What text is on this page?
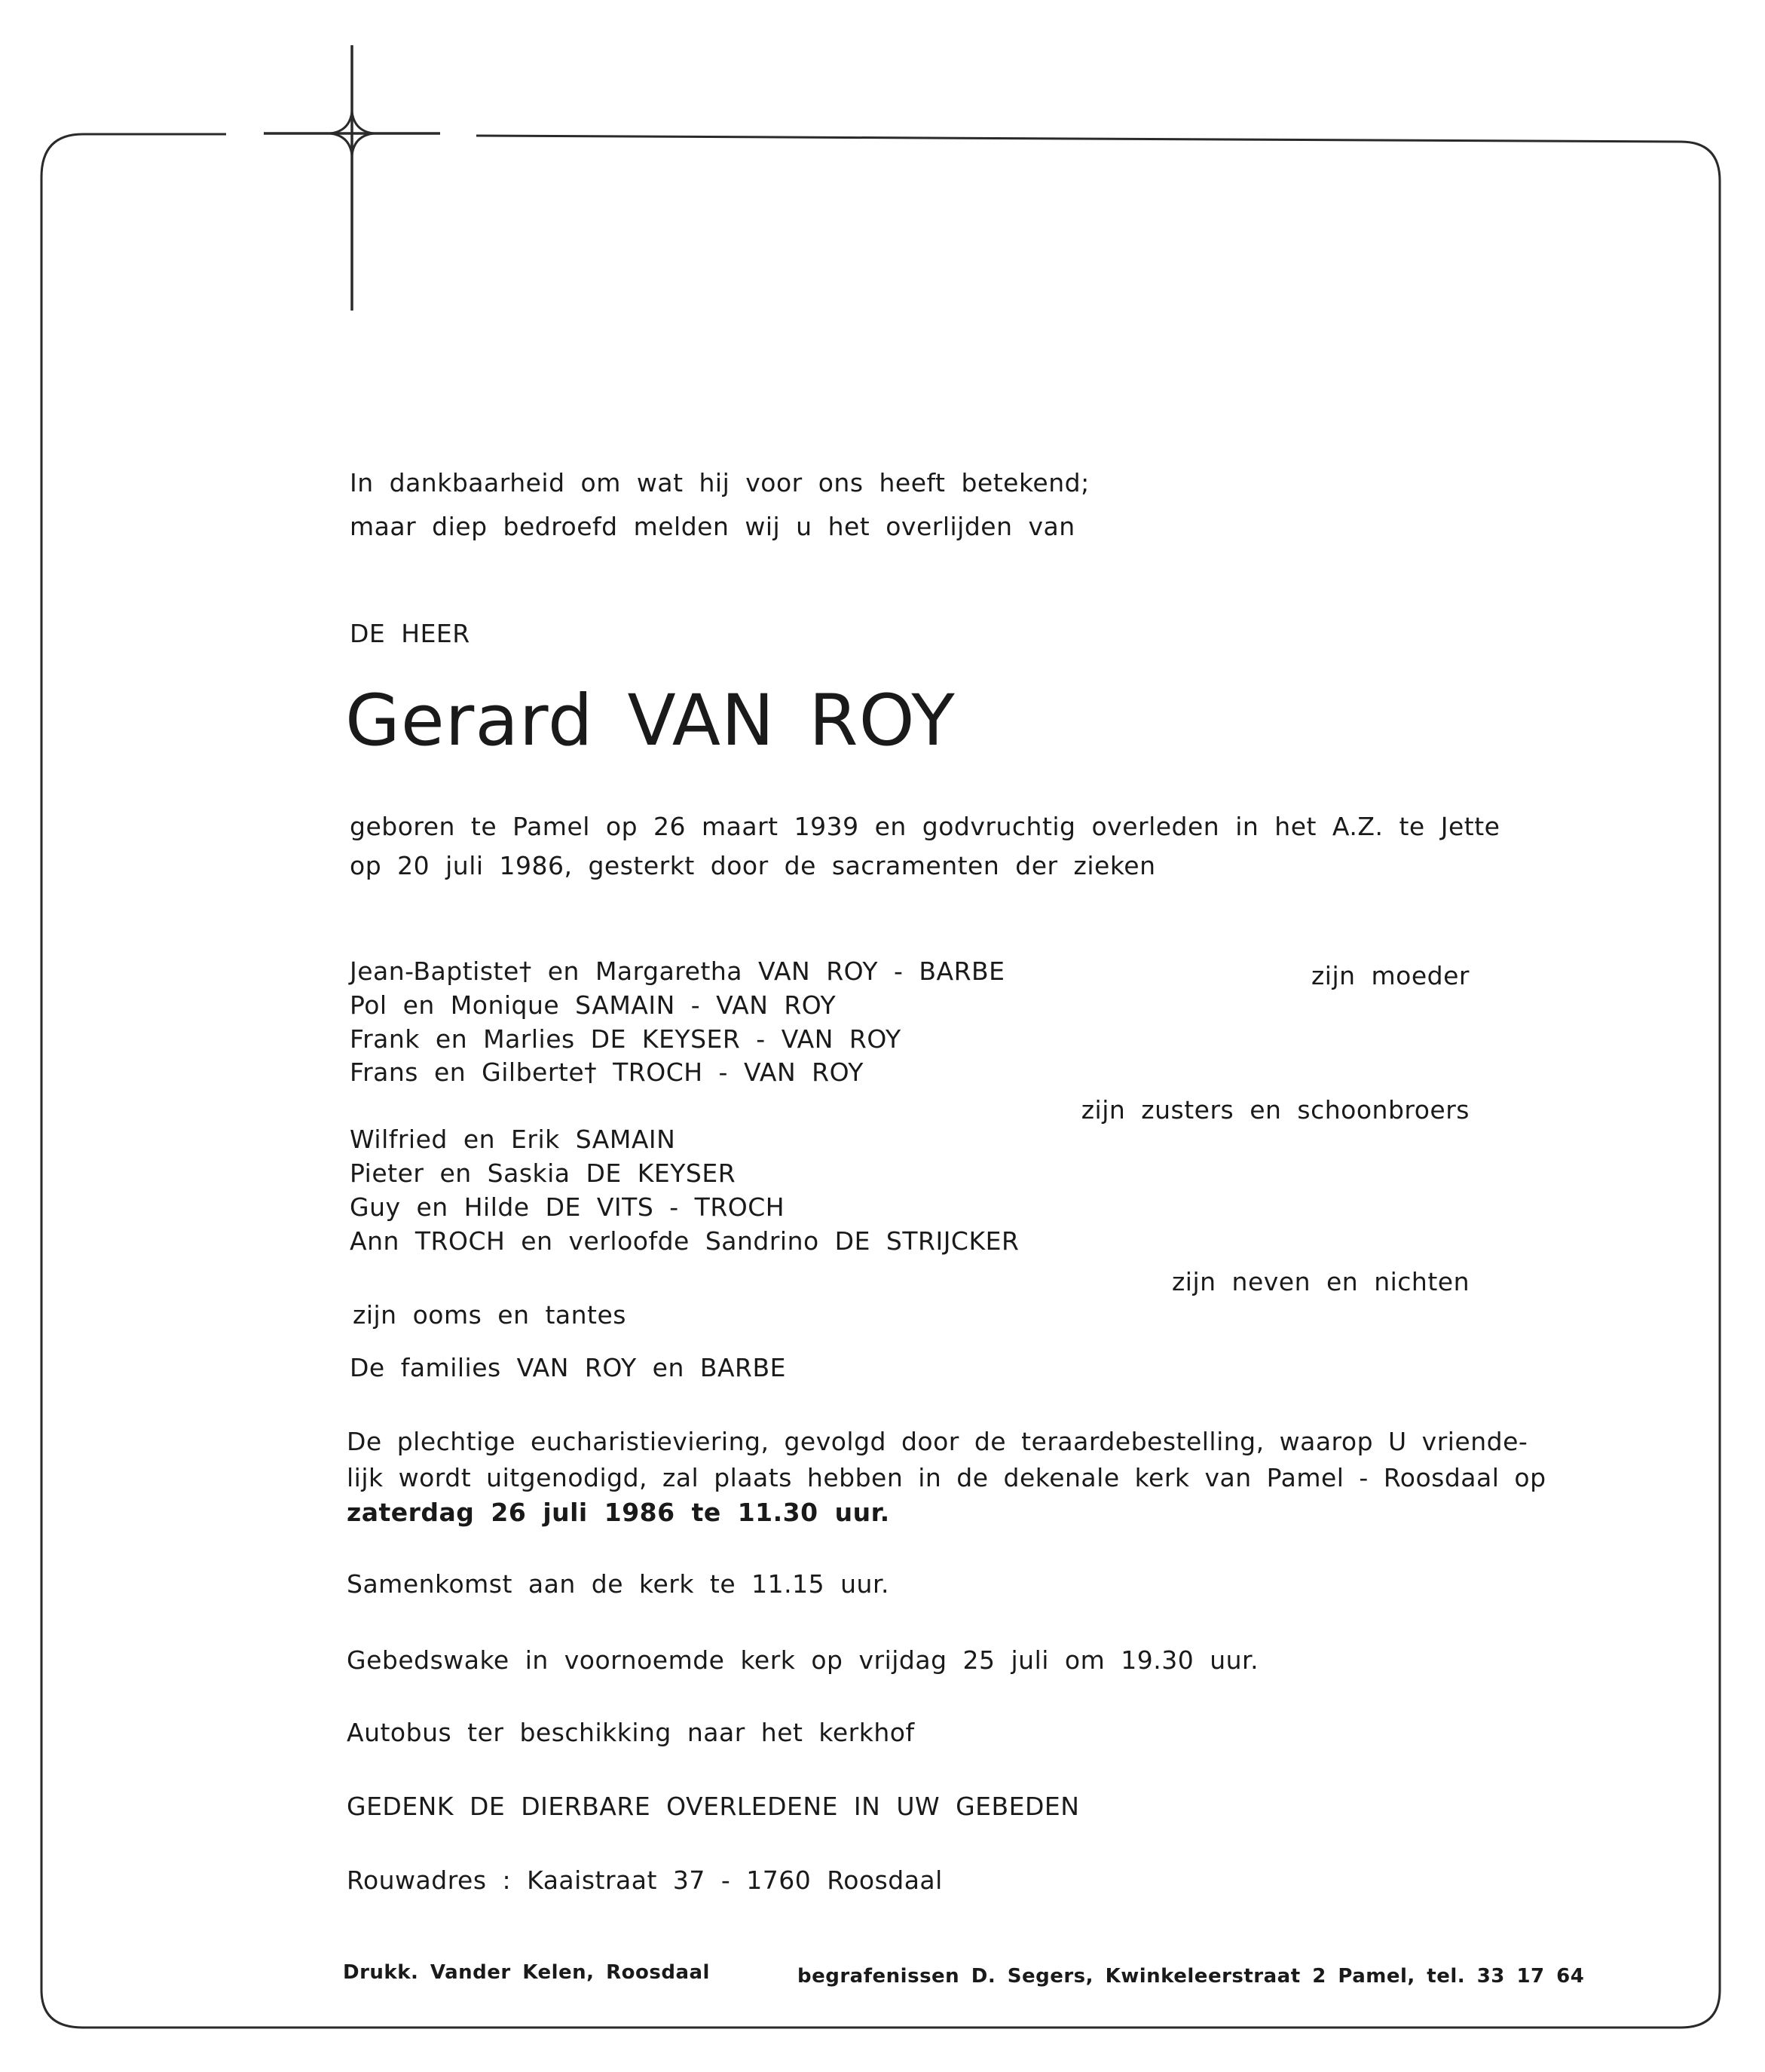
In dankbaarheid om wat hij voor ons heeft betekend;
maar diep bedroefd melden wij u het overlijden van
DE HEER
Gerard VAN ROY
geboren te Pamel op 26 maart 1939 en godvruchtig overleden in het A.Z. te Jette
op 20 juli 1986, gesterkt door de sacramenten der zieken
Jean-Baptiste† en Margaretha VAN ROY - BARBE	zijn moeder
Pol en Monique SAMAIN - VAN ROY
Frank en Marlies DE KEYSER - VAN ROY
Frans en Gilberte† TROCH - VAN ROY
zijn zusters en schoonbroers
Wilfried en Erik SAMAIN
Pieter en Saskia DE KEYSER
Guy en Hilde DE VITS - TROCH
Ann TROCH en verloofde Sandrino DE STRIJCKER
zijn neven en nichten
zijn ooms en tantes
De families VAN ROY en BARBE
De plechtige eucharistieviering, gevolgd door de teraardebestelling, waarop U vriende-
lijk wordt uitgenodigd, zal plaats hebben in de dekenale kerk van Pamel - Roosdaal op
zaterdag 26 juli 1986 te 11.30 uur.
Samenkomst aan de kerk te 11.15 uur.
Gebedswake in voornoemde kerk op vrijdag 25 juli om 19.30 uur.
Autobus ter beschikking naar het kerkhof
GEDENK DE DIERBARE OVERLEDENE IN UW GEBEDEN
Rouwadres : Kaaistraat 37 - 1760 Roosdaal
Drukk. Vander Kelen, Roosdaal	begrafenissen D. Segers, Kwinkeleerstraat 2 Pamel, tel. 33 17 64
